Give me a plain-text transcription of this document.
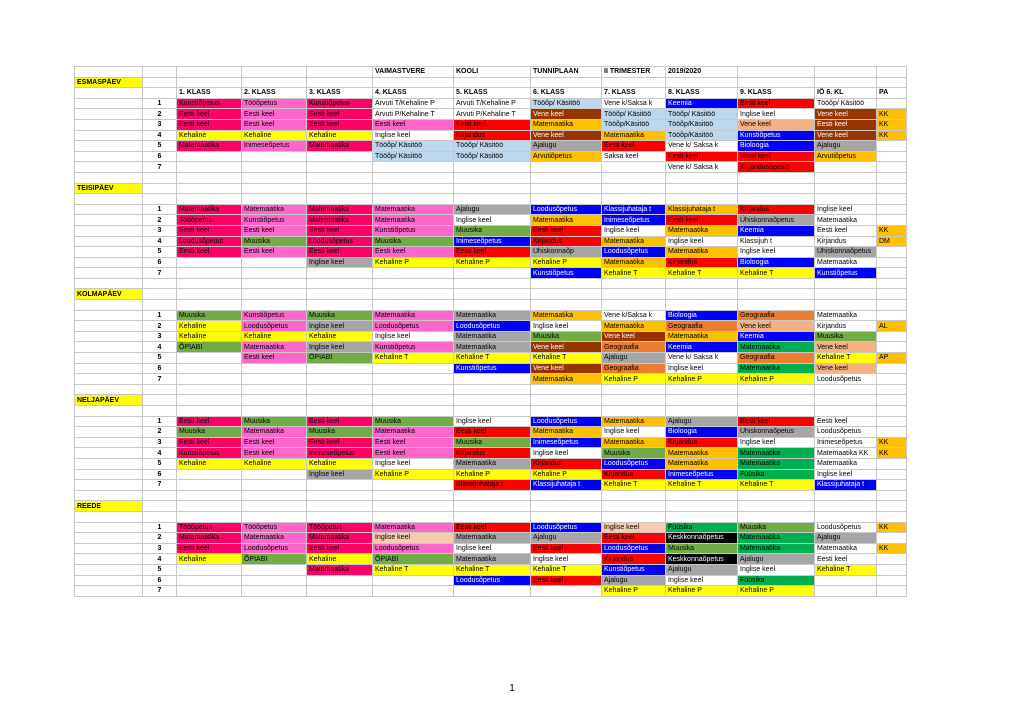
					VAIMASTVERE	KOOLI	TUNNIPLAAN	II TRIMESTER	2019/2020			
ESMASPÄEV												
		1. KLASS	2. KLASS	3. KLASS	4. KLASS	5. KLASS	6. KLASS	7. KLASS	8. KLASS	9. KLASS	IÕ 6. KL	PA
	1	Kunstiõpetus	Tööõpetus	Kunstiõpetus	Arvuti T/Kehaline P	Arvuti T/Kehaline P	Tööõp/ Käsitöö	Vene k/Saksa k	Keemia	Eesti keel	Tööõp/ Käsitöö	
	2	Eesti keel	Eesti keel	Eesti keel	Arvuti P/Kehaline T	Arvuti P/Kehaline T	Vene keel	Tööõp/ Käsitöö	Tööõp/ Käsitöö	Inglise keel	Vene keel	KK
	3	Eesti keel	Eesti keel	Eesti keel	Eesti keel	Eesti keel	Matemaatika	Tööõp/Käsitöö	Tööõp/Käsitöö	Vene keel	Eesti keel	KK
	4	Kehaline	Kehaline	Kehaline	Inglise keel	Kirjandus	Vene keel	Matemaatika	Tööõp/Käsitöö	Kunstiõpetus	Vene keel	KK
	5	Matemaatika	Inimeseõpetus	Matemaatika	Tööõp/ Käsitöö	Tööõp/ Käsitöö	Ajalugu	Eesti keel	Vene k/ Saksa k	Bioloogia	Ajalugu	
	6				Tööõp/ Käsitöö	Tööõp/ Käsitöö	Arvutiõpetus	Saksa keel	Eesti keel	Vene keel	Arvutiõpetus	
	7								Vene k/ Saksa k	Kirjandusõpetus		

TEISIPÄEV												

	1	Matemaatika	Matemaatika	Matemaatika	Matemaatika	Ajalugu	Loodusõpetus	Klassijuhataja t	Klassijuhataja t	Kirjandus	Inglise keel	
	2	Tööõpetus	Kunstiõpetus	Matemaatika	Matemaatika	Inglise keel	Matemaatika	Inimeseõpetus	Eesti keel	Ühiskonnaõpetus	Matemaatika	
	3	Eesti keel	Eesti keel	Eesti keel	Kunstiõpetus	Muusika	Eesti keel	Inglise keel	Matemaatika	Keemia	Eesti keel	KK
	4	Loodusõpetus	Muusika	Loodusõpetus	Muusika	Inimeseõpetus	Kirjandus	Matemaatika	Inglise keel	Klassijuh t	Kirjandus	DM
	5	Eesti keel	Eesti keel	Eesti keel	Eesti keel	Eesti keel	Ühiskonnaõp	Loodusõpetus	Matemaatika	Inglise keel	Ühiskonnaõpetus	
	6			Inglise keel	Kehaline P	Kehaline P	Kehaline P	Matemaatika	Kirjandus	Bioloogia	Matemaatika	
	7						Kunstiõpetus	Kehaline T	Kehaline T	Kehaline T	Kunstiõpetus	

KOLMAPÄEV												

	1	Muusika	Kunstiõpetus	Muusika	Matemaatika	Matemaatika	Matemaatika	Vene k/Saksa k	Bioloogia	Geograafia	Matemaatika	
	2	Kehaline	Loodusõpetus	Inglise keel	Loodusõpetus	Loodusõpetus	Inglise keel	Matemaatika	Geograafia	Vene keel	Kirjandus	AL
	3	Kehaline	Kehaline	Kehaline	Inglise keel	Matemaatika	Muusika	Vene keel	Matemaatika	Keemia	Muusika	
	4	ÕPIABI	Matemaatika	Inglise keel	Kunstiõpetus	Matemaatika	Vene keel	Geograafia	Keemia	Matemaatika	Vene keel	
	5		Eesti keel	ÕPIABI	Kehaline T	Kehaline T	Kehaline T	Ajalugu	Vene k/ Saksa k	Geograafia	Kehaline T	AP
	6					Kunstiõpetus	Vene keel	Geograafia	Inglise keel	Matemaatika	Vene keel	
	7						Matemaatika	Kehaline P	Kehaline P	Kehaline P	Loodusõpetus	

NELJAPÄEV												

	1	Eesti keel	Muusika	Eesti keel	Muusika	Inglise keel	Loodusõpetus	Matemaatika	Ajalugu	Eesti keel	Eesti keel	
	2	Muusika	Matemaatika	Muusika	Matemaatika	Eesti keel	Matemaatika	Inglise keel	Bioloogia	Ühiskonnaõpetus	Loodusõpetus	
	3	Eesti keel	Eesti keel	Eesti keel	Eesti keel	Muusika	Inimeseõpetus	Matemaatika	Kirjandus	Inglise keel	Inimeseõpetus	KK
	4	Kunstiõpetus	Eesti keel	Inimeseõpetus	Eesti keel	Kirjandus	Inglise keel	Muusika	Matemaatika	Matemaatika	Matemaatika KK	KK
	5	Kehaline	Kehaline	Kehaline	Inglise keel	Matemaatika	Kirjandus	Loodusõpetus	Matemaatika	Matemaatika	Matemaatika	
	6			Inglise keel	Kehaline P	Kehaline P	Kehaline P	Kirjandus	Inimeseõpetus	Füüsika	Inglise keel	
	7					Klassijuhataja t	Klassijuhataja t	Kehaline T	Kehaline T	Kehaline T	Klassijuhataja t	

REEDE												

	1	Tööõpetus	Tööõpetus	Tööõpetus	Matemaatika	Eesti keel	Loodusõpetus	Inglise keel	Füüsika	Muusika	Loodusõpetus	KK
	2	Matemaatika	Matemaatika	Matemaatika	Inglise keel	Matemaatika	Ajalugu	Eesti keel	Keskkonnaõpetus	Matemaatika	Ajalugu	
	3	Eesti keel	Loodusõpetus	Eesti keel	Loodusõpetus	Inglise keel	Eesti keel	Loodusõpetus	Muusika	Matemaatika	Matemaatika	KK
	4	Kehaline	ÕPIABI	Kehaline	ÕPIABI	Matemaatika	Inglise keel	Kirjandus	Keskkonnaõpetus	Ajalugu	Eesti keel	
	5			Matemaatika	Kehaline T	Kehaline T	Kehaline T	Kunstiõpetus	Ajalugu	Inglise keel	Kehaline T	
	6					Loodusõpetus	Eesti keel	Ajalugu	Inglise keel	Füüsika		
	7							Kehaline P	Kehaline P	Kehaline P		
1
